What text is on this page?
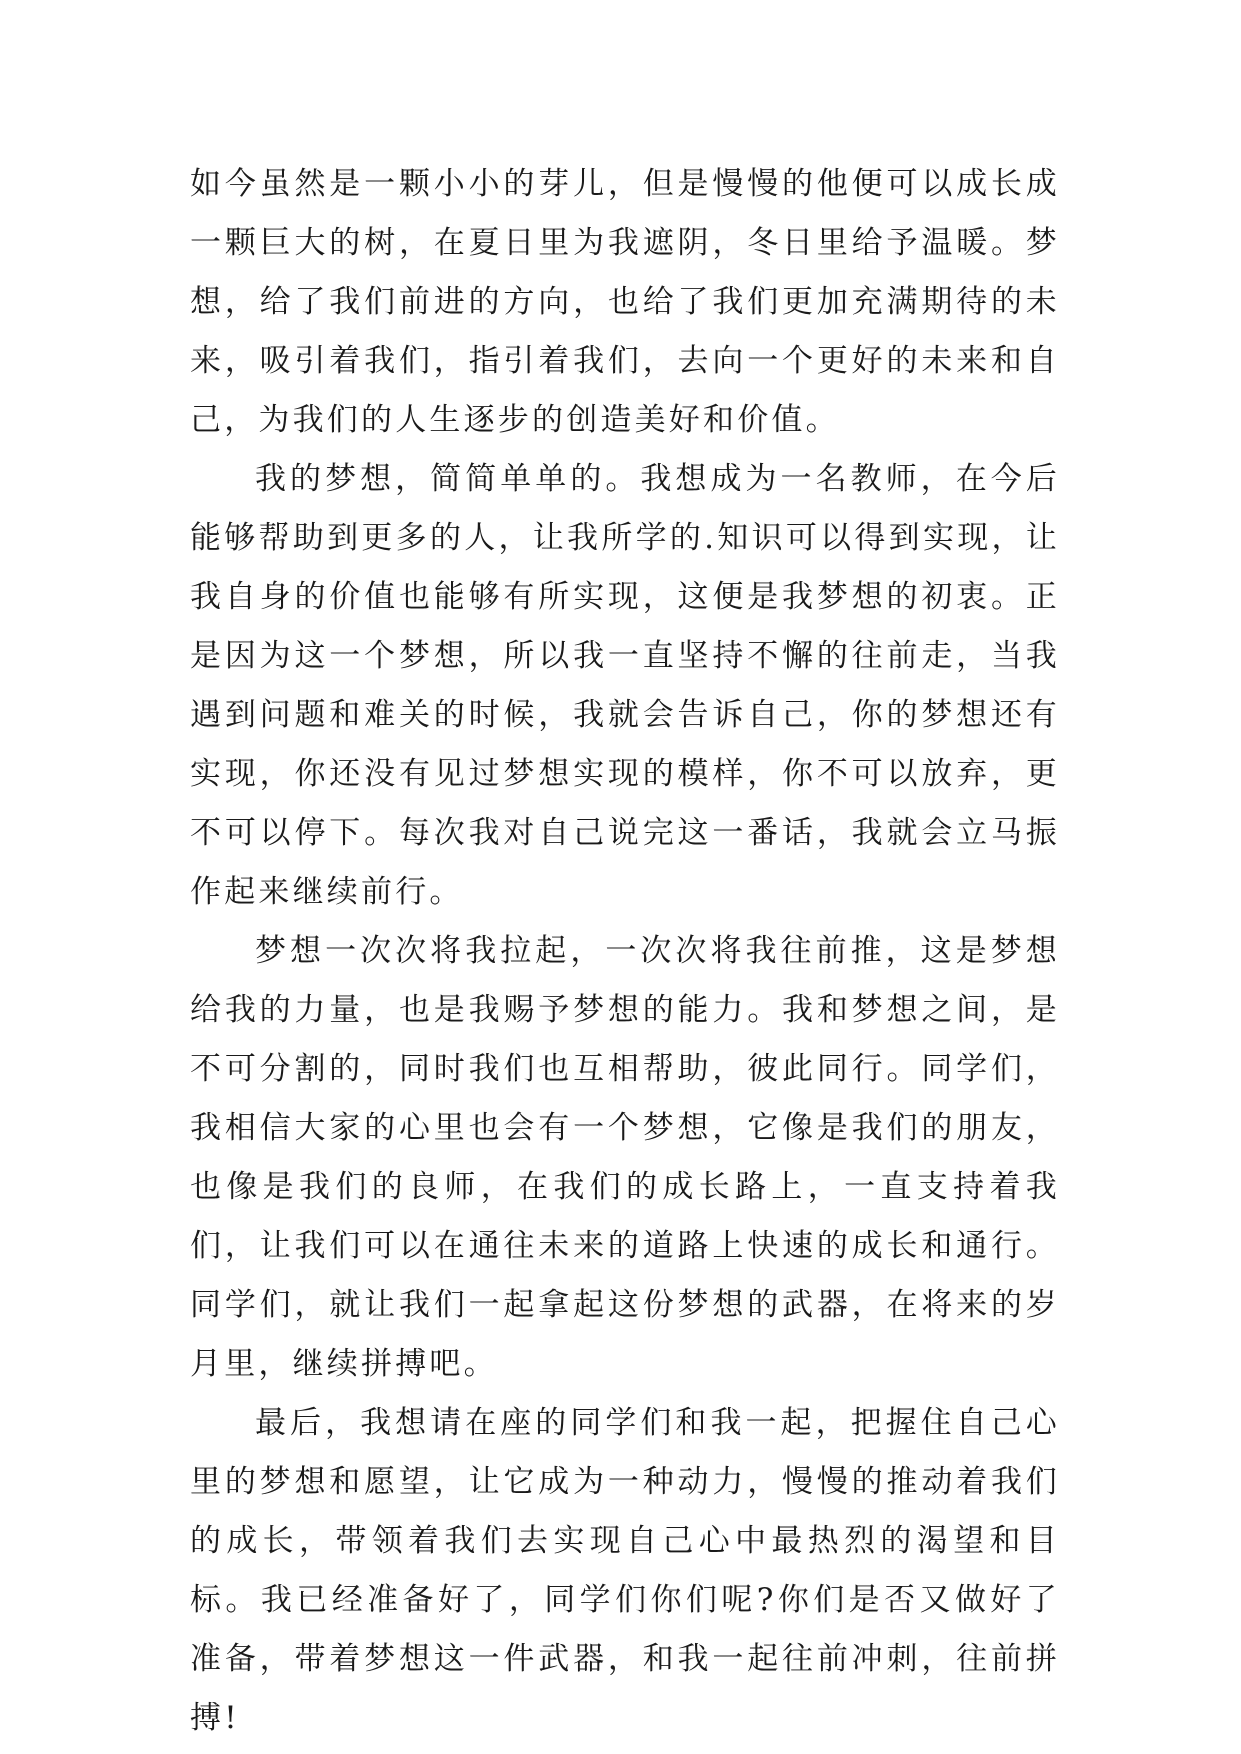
如今虽然是一颗小小的芽儿，但是慢慢的他便可以成长成一颗巨大的树，在夏日里为我遮阴，冬日里给予温暖。梦想，给了我们前进的方向，也给了我们更加充满期待的未来，吸引着我们，指引着我们，去向一个更好的未来和自己，为我们的人生逐步的创造美好和价值。

我的梦想，简简单单的。我想成为一名教师，在今后能够帮助到更多的人，让我所学的.知识可以得到实现，让我自身的价值也能够有所实现，这便是我梦想的初衷。正是因为这一个梦想，所以我一直坚持不懈的往前走，当我遇到问题和难关的时候，我就会告诉自己，你的梦想还有实现，你还没有见过梦想实现的模样，你不可以放弃，更不可以停下。每次我对自己说完这一番话，我就会立马振作起来继续前行。

梦想一次次将我拉起，一次次将我往前推，这是梦想给我的力量，也是我赐予梦想的能力。我和梦想之间，是不可分割的，同时我们也互相帮助，彼此同行。同学们，我相信大家的心里也会有一个梦想，它像是我们的朋友，也像是我们的良师，在我们的成长路上，一直支持着我们，让我们可以在通往未来的道路上快速的成长和通行。同学们，就让我们一起拿起这份梦想的武器，在将来的岁月里，继续拼搏吧。

最后，我想请在座的同学们和我一起，把握住自己心里的梦想和愿望，让它成为一种动力，慢慢的推动着我们的成长，带领着我们去实现自己心中最热烈的渴望和目标。我已经准备好了，同学们你们呢?你们是否又做好了准备，带着梦想这一件武器，和我一起往前冲刺，往前拼搏!
